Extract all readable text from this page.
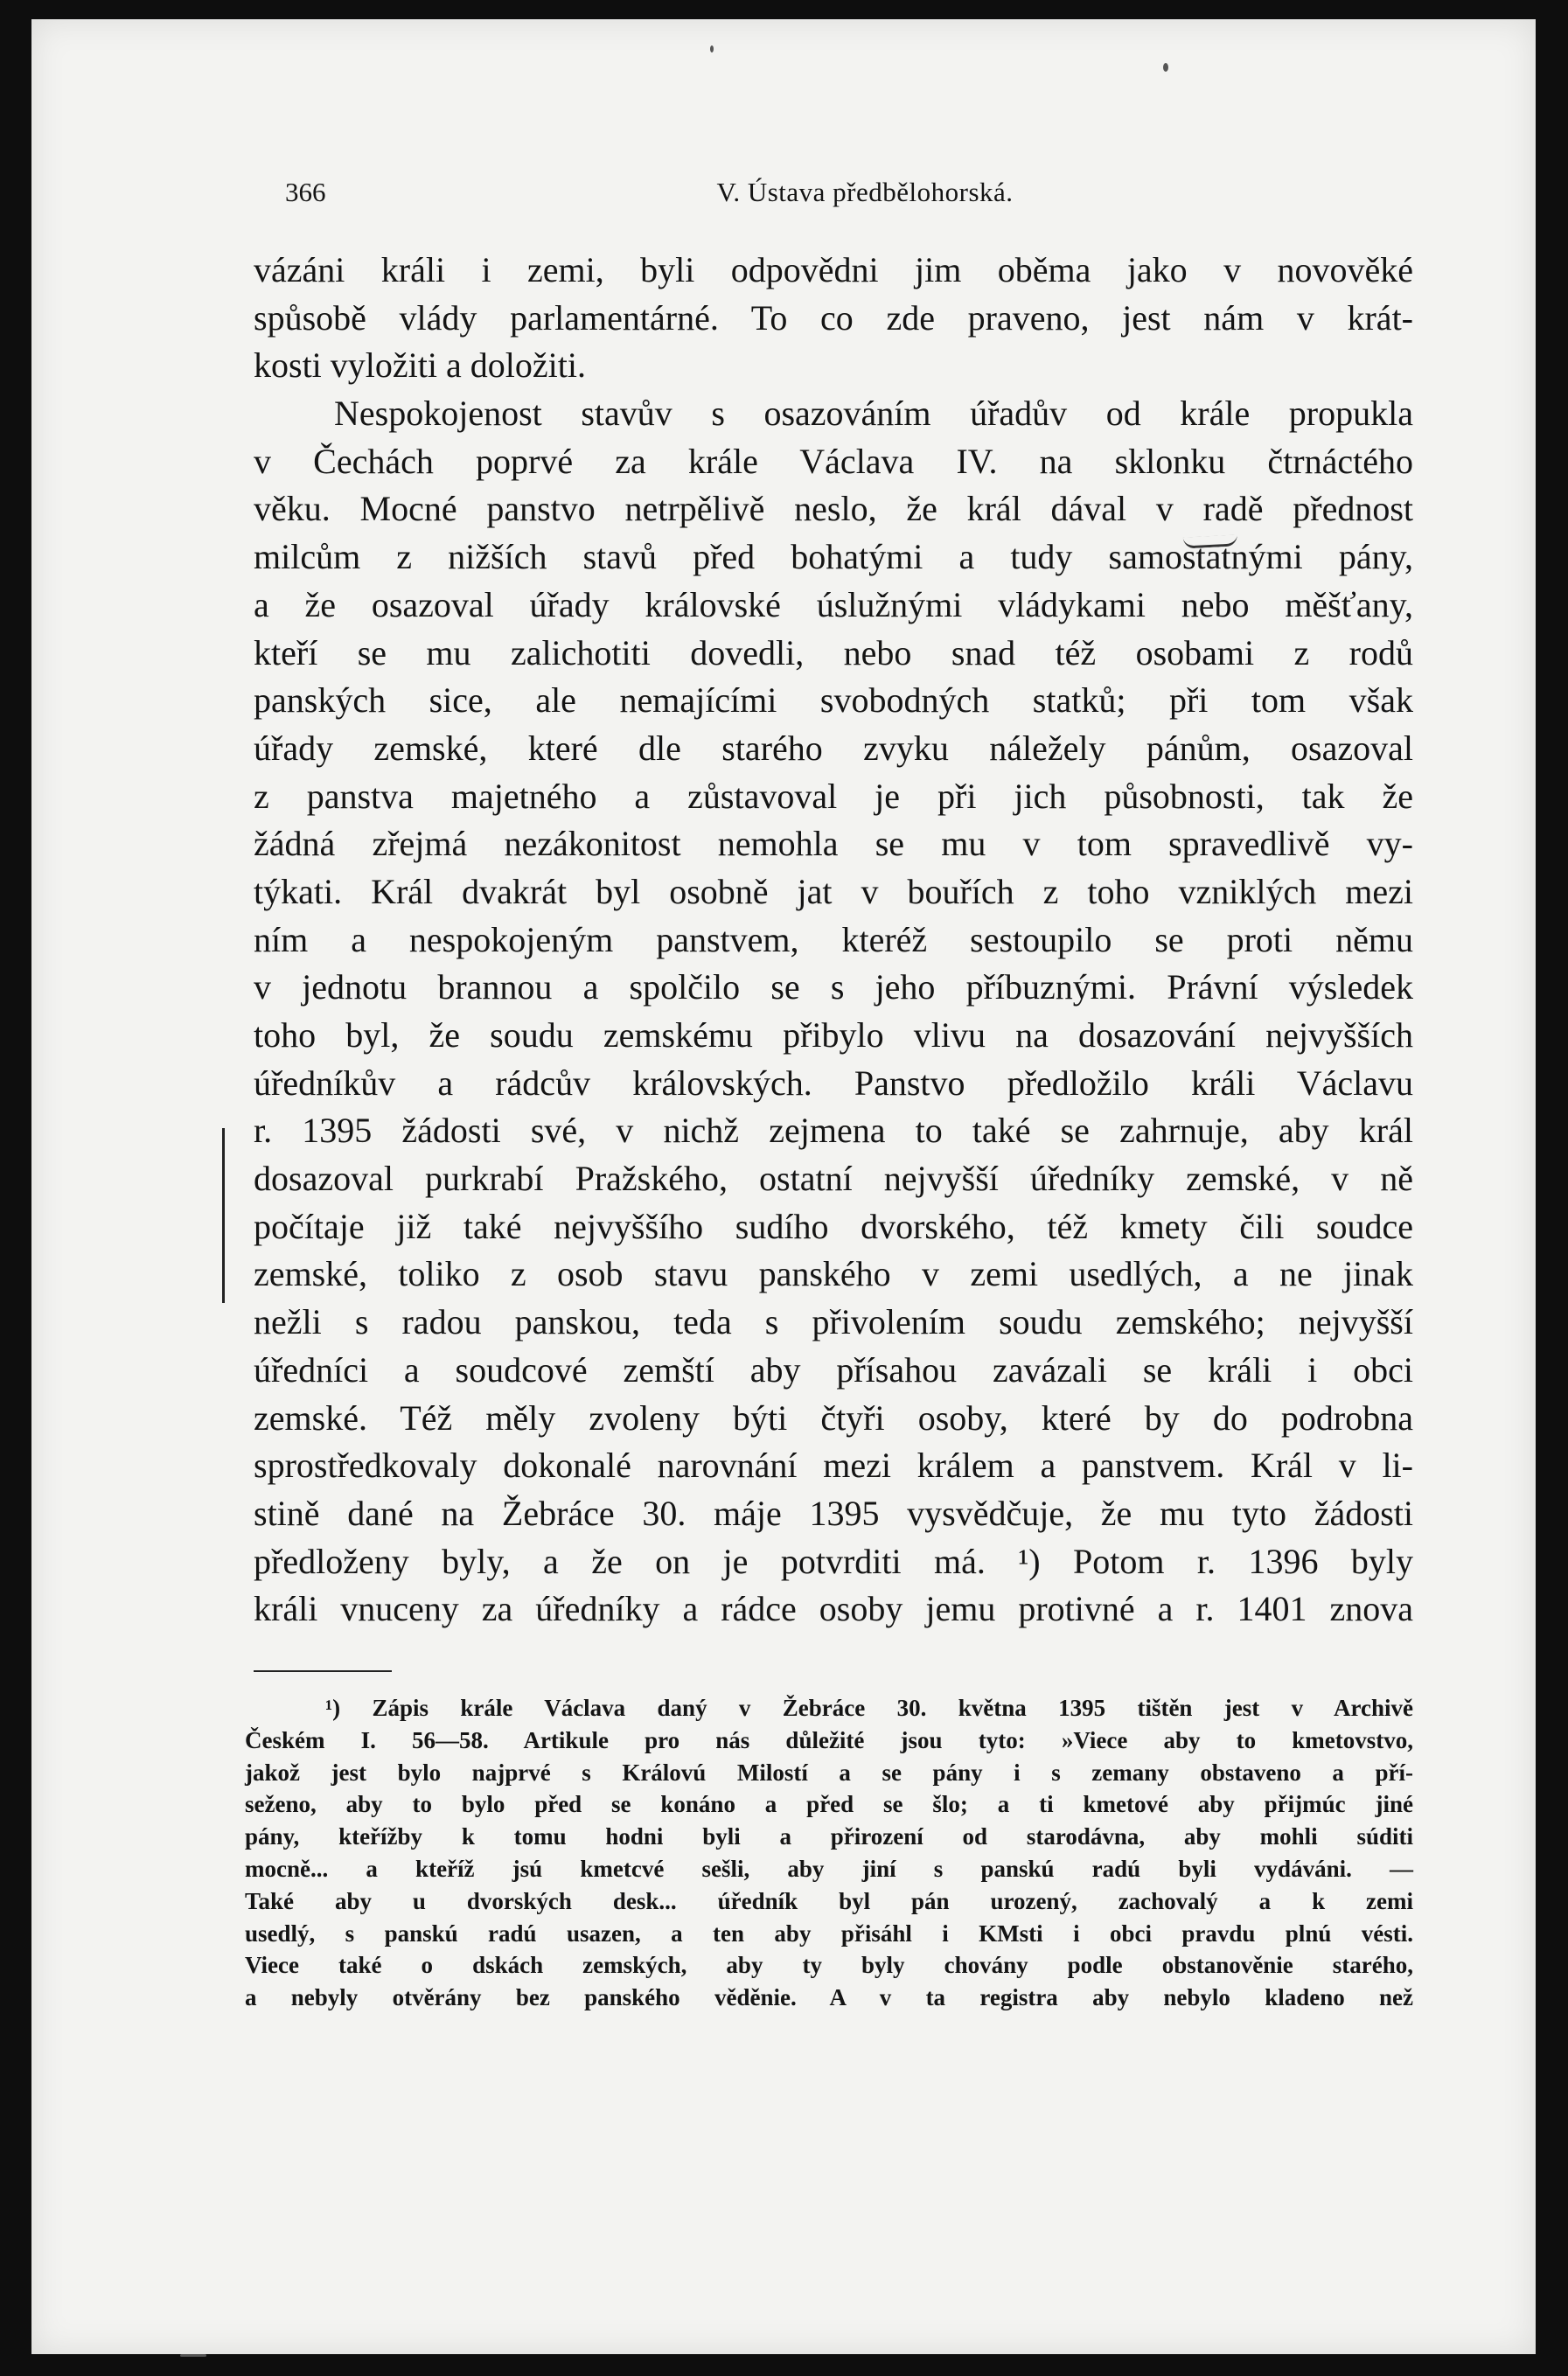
366	V. Ústava předbělohorská.
vázáni králi i zemi, byli odpovědni jim oběma jako v novověké
spůsobě vlády parlamentárné. To co zde praveno, jest nám v krát-
kosti vyložiti a doložiti.
Nespokojenost stavův s osazováním úřadův od krále propukla
v Čechách poprvé za krále Václava IV. na sklonku čtrnáctého
věku. Mocné panstvo netrpělivě neslo, že král dával v radě přednost
milcům z nižších stavů před bohatými a tudy samostatnými pány,
a že osazoval úřady královské úslužnými vládykami nebo měšťany,
kteří se mu zalichotiti dovedli, nebo snad též osobami z rodů
panských sice, ale nemajícími svobodných statků; při tom však
úřady zemské, které dle starého zvyku náležely pánům, osazoval
z panstva majetného a zůstavoval je při jich působnosti, tak že
žádná zřejmá nezákonitost nemohla se mu v tom spravedlivě vy-
týkati. Král dvakrát byl osobně jat v bouřích z toho vzniklých mezi
ním a nespokojeným panstvem, kteréž sestoupilo se proti němu
v jednotu brannou a spolčilo se s jeho příbuznými. Právní výsledek
toho byl, že soudu zemskému přibylo vlivu na dosazování nejvyšších
úředníkův a rádcův královských. Panstvo předložilo králi Václavu
r. 1395 žádosti své, v nichž zejmena to také se zahrnuje, aby král
dosazoval purkrabí Pražského, ostatní nejvyšší úředníky zemské, v ně
počítaje již také nejvyššího sudího dvorského, též kmety čili soudce
zemské, toliko z osob stavu panského v zemi usedlých, a ne jinak
nežli s radou panskou, teda s přivolením soudu zemského; nejvyšší
úředníci a soudcové zemští aby přísahou zavázali se králi i obci
zemské. Též měly zvoleny býti čtyři osoby, které by do podrobna
sprostředkovaly dokonalé narovnání mezi králem a panstvem. Král v li-
stině dané na Žebráce 30. máje 1395 vysvědčuje, že mu tyto žádosti
předloženy byly, a že on je potvrditi má. ¹) Potom r. 1396 byly
králi vnuceny za úředníky a rádce osoby jemu protivné a r. 1401 znova
¹) Zápis krále Václava daný v Žebráce 30. května 1395 tištěn jest v Archivě
Českém I. 56—58. Artikule pro nás důležité jsou tyto: »Viece aby to kmetovstvo,
jakož jest bylo najprvé s Královú Milostí a se pány i s zemany obstaveno a pří-
seženo, aby to bylo před se konáno a před se šlo; a ti kmetové aby přijmúc jiné
pány, kteřížby k tomu hodni byli a přirození od starodávna, aby mohli súditi
mocně... a kteříž jsú kmetcvé sešli, aby jiní s panskú radú byli vydáváni. —
Také aby u dvorských desk... úředník byl pán urozený, zachovalý a k zemi
usedlý, s panskú radú usazen, a ten aby přisáhl i KMsti i obci pravdu plnú vésti.
Viece také o dskách zemských, aby ty byly chovány podle obstanověnie starého,
a nebyly otvěrány bez panského věděnie. A v ta registra aby nebylo kladeno než
